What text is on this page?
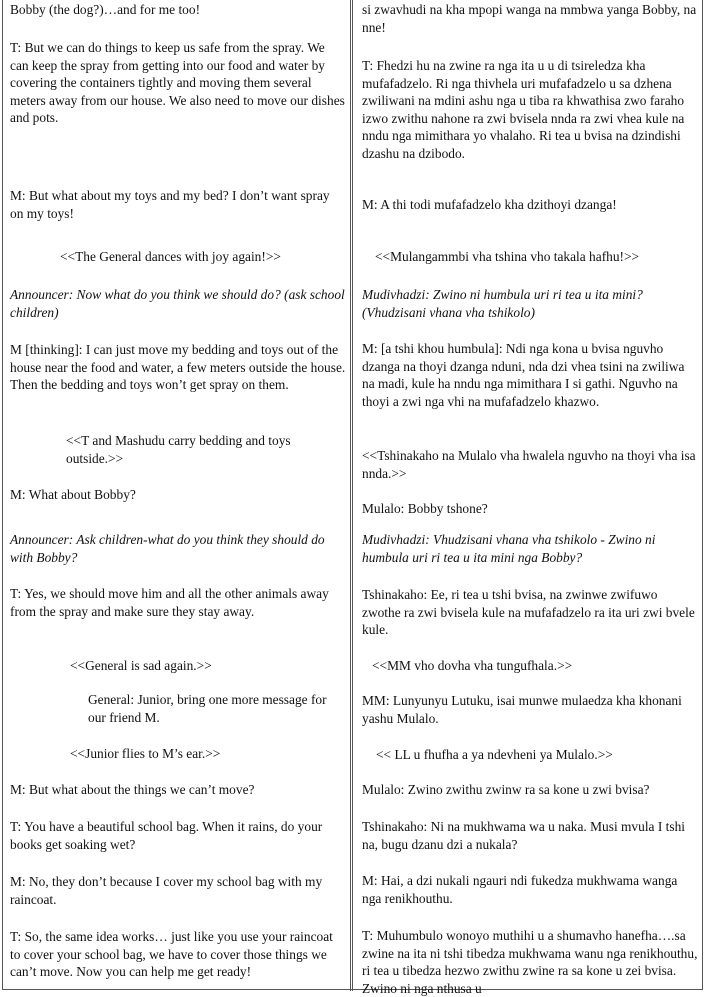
Bobby (the dog?)…and for me too!

T: But we can do things to keep us safe from the spray. We can keep the spray from getting into our food and water by covering the containers tightly and moving them several meters away from our house. We also need to move our dishes and pots.

M: But what about my toys and my bed? I don’t want spray on my toys!

<<The General dances with joy again!>>

Announcer: Now what do you think we should do? (ask school children)

M [thinking]: I can just move my bedding and toys out of the house near the food and water, a few meters outside the house. Then the bedding and toys won’t get spray on them.

<<T and Mashudu carry bedding and toys outside.>>

M: What about Bobby?

Announcer: Ask children-what do you think they should do with Bobby?

T: Yes, we should move him and all the other animals away from the spray and make sure they stay away.

<<General is sad again.>>

General: Junior, bring one more message for our friend M.

<<Junior flies to M’s ear.>>

M: But what about the things we can’t move?

T: You have a beautiful school bag. When it rains, do your books get soaking wet?

M: No, they don’t because I cover my school bag with my raincoat.

T: So, the same idea works… just like you use your raincoat to cover your school bag, we have to cover those things we can’t move. Now you can help me get ready!

si zwavhudi na kha mpopi wanga na mmbwa yanga Bobby, na nne!

T: Fhedzi hu na zwine ra nga ita u u di tsireledza kha mufafadzelo. Ri nga thivhela uri mufafadzelo u sa dzhena zwiliwani na mdini ashu nga u tiba ra khwathisa zwo faraho izwo zwithu nahone ra zwi bvisela nnda ra zwi vhea kule na nndu nga mimithara yo vhalaho. Ri tea u bvisa na dzindishi dzashu na dzibodo.

M: A thi todi mufafadzelo kha dzithoyi dzanga!

<<Mulangammbi vha tshina vho takala hafhu!>>

Mudivhadzi: Zwino ni humbula uri ri tea u ita mini?(Vhudzisani vhana vha tshikolo)

M: [a tshi khou humbula]: Ndi nga kona u bvisa nguvho dzanga na thoyi dzanga nduni, nda dzi vhea tsini na zwiliwa na madi, kule ha nndu nga mimithara I si gathi. Nguvho na thoyi a zwi nga vhi na mufafadzelo khazwo.

<<Tshinakaho na Mulalo vha hwalela nguvho na thoyi vha isa nnda.>>

Mulalo: Bobby tshone?

Mudivhadzi: Vhudzisani vhana vha tshikolo - Zwino ni humbula uri ri tea u ita mini nga Bobby?

Tshinakaho: Ee, ri tea u tshi bvisa, na zwinwe zwifuwo zwothe ra zwi bvisela kule na mufafadzelo ra ita uri zwi bvele kule.

<<MM vho dovha vha tungufhala.>>

MM: Lunyunyu Lutuku, isai munwe mulaedza kha khonani yashu Mulalo.

<< LL u fhufha a ya ndevheni ya Mulalo.>>

Mulalo: Zwino zwithu zwinw ra sa kone u zwi bvisa?

Tshinakaho: Ni na mukhwama wa u naka. Musi mvula I tshi na, bugu dzanu dzi a nukala?

M: Hai, a dzi nukali ngauri ndi fukedza mukhwama wanga nga renikhouthu.

T: Muhumbulo wonoyo muthihi u a shumavho hanefha….sa zwine na ita ni tshi tibedza mukhwama wanu nga renikhouthu, ri tea u tibedza hezwo zwithu zwine ra sa kone u zei bvisa. Zwino ni nga nthusa u
